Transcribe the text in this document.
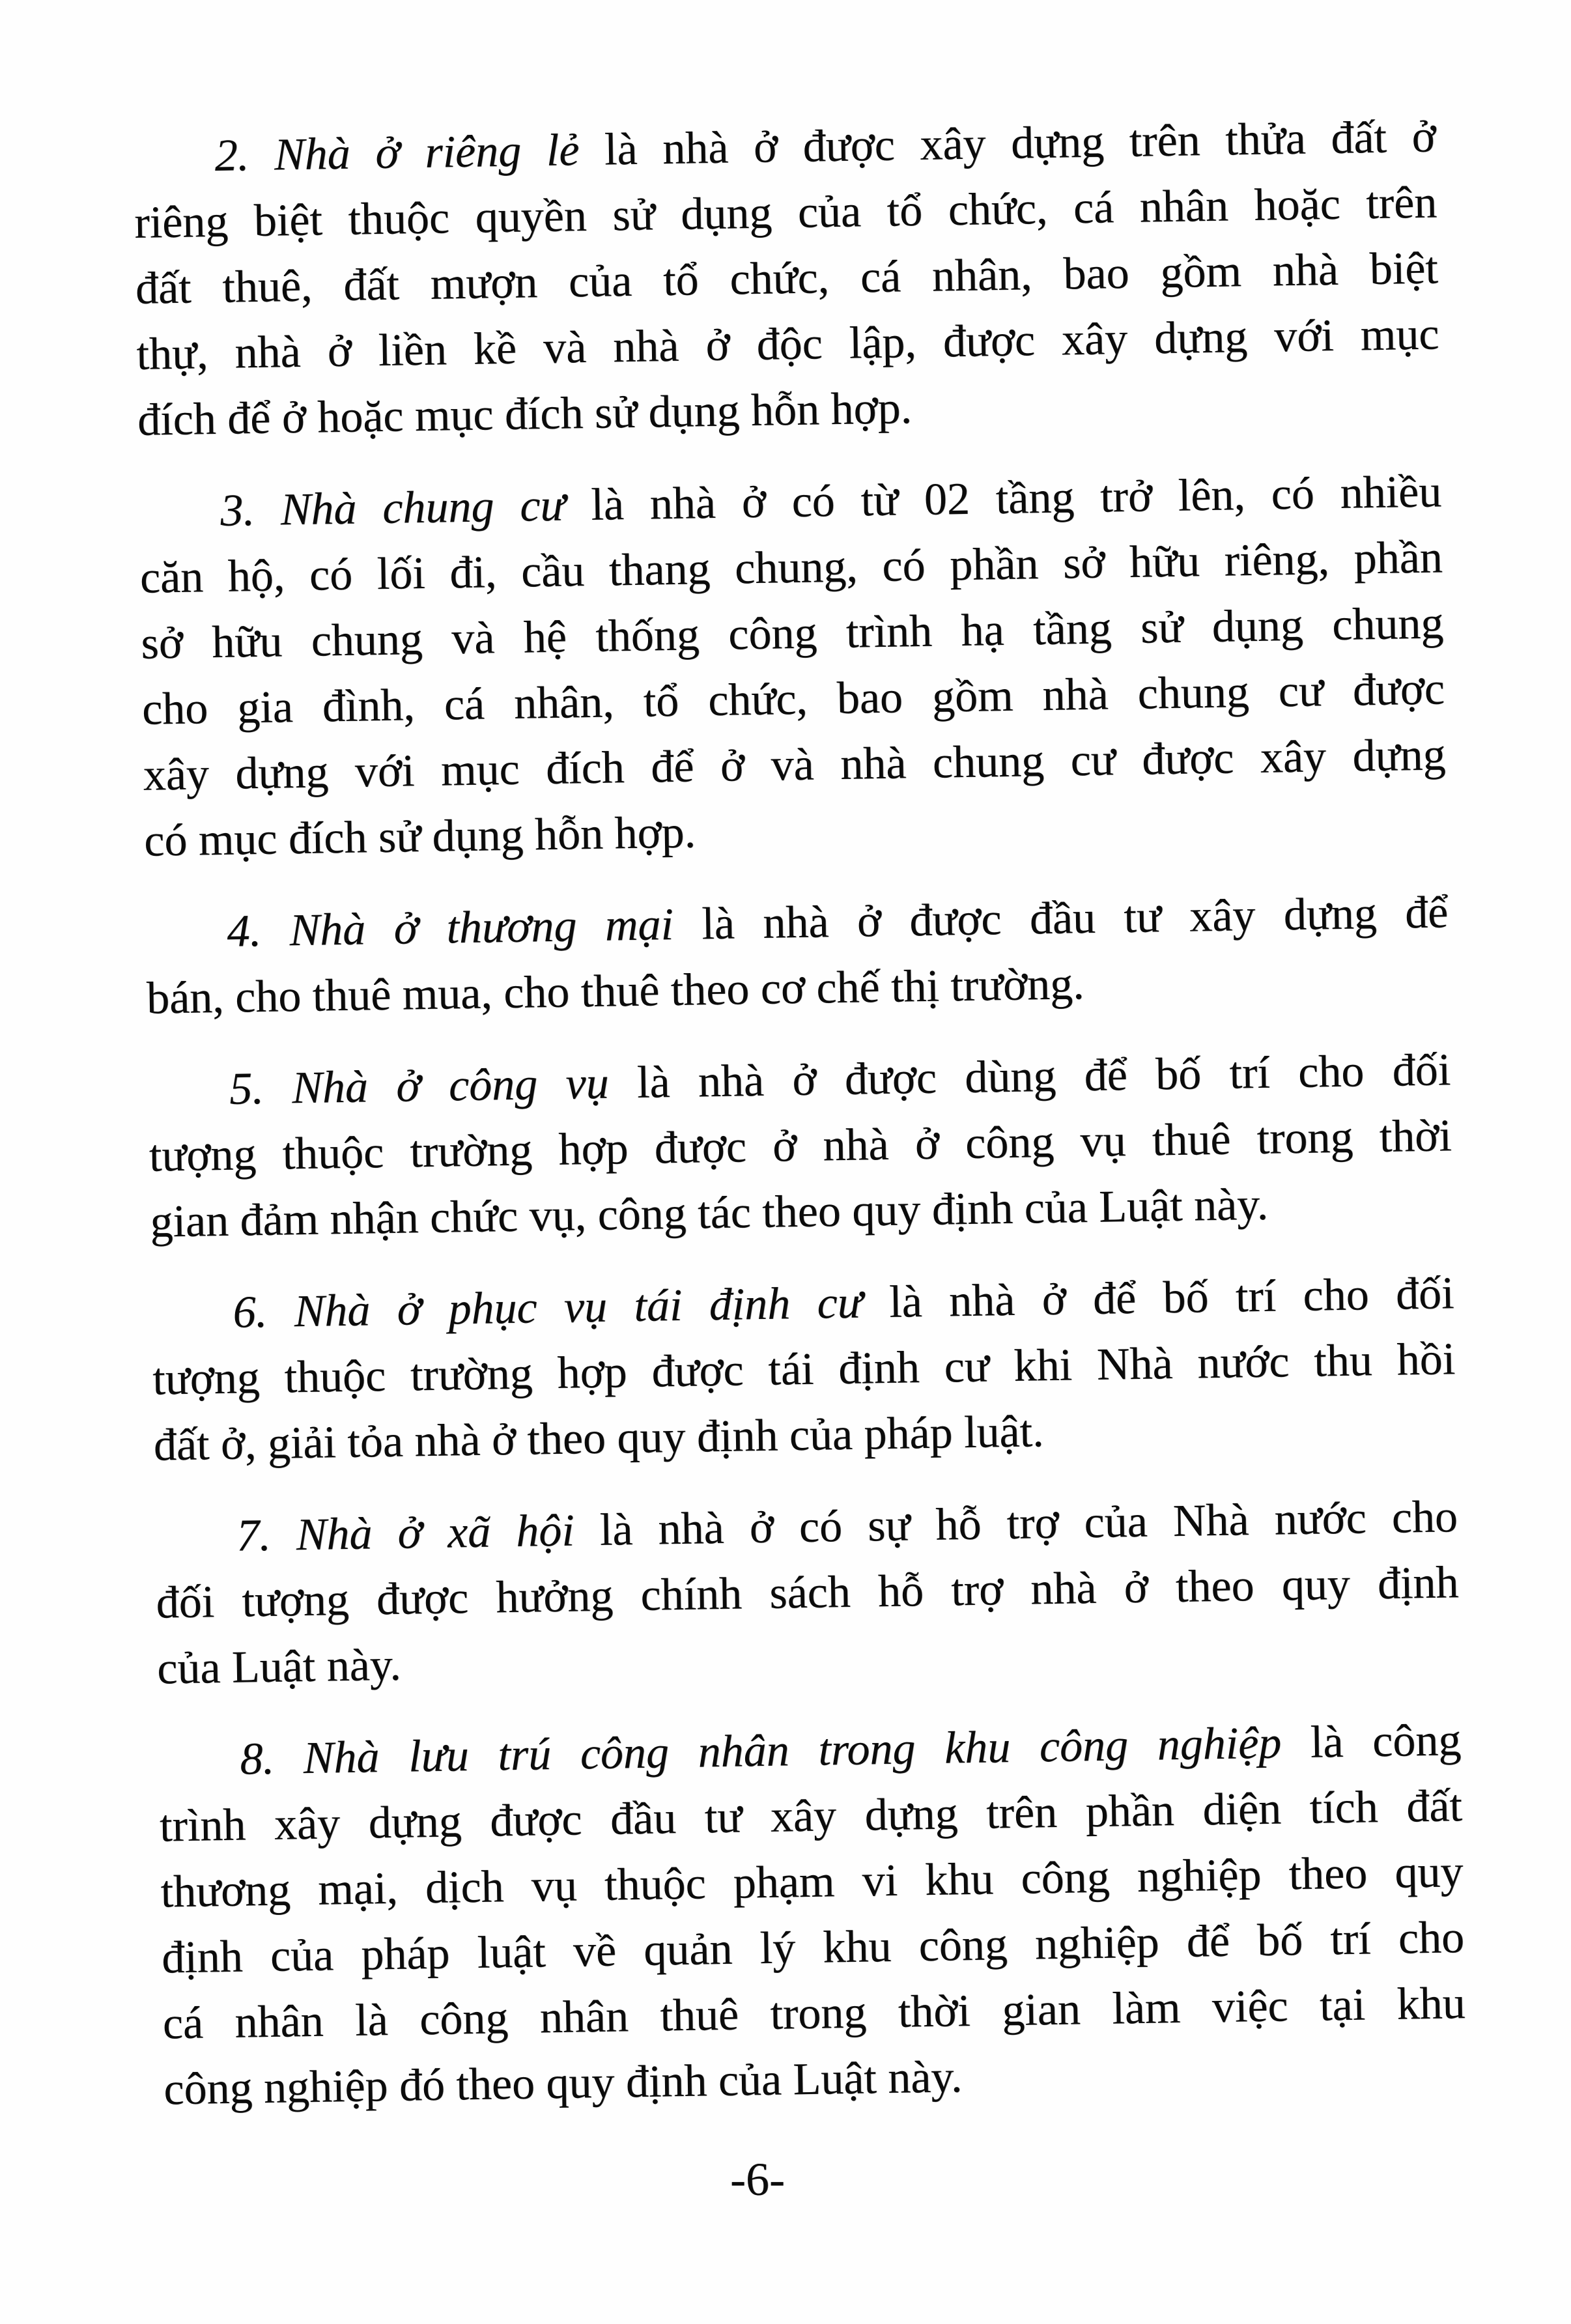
2. Nhà ở riêng lẻ là nhà ở được xây dựng trên thửa đất ở
riêng biệt thuộc quyền sử dụng của tổ chức, cá nhân hoặc trên
đất thuê, đất mượn của tổ chức, cá nhân, bao gồm nhà biệt
thự, nhà ở liền kề và nhà ở độc lập, được xây dựng với mục
đích để ở hoặc mục đích sử dụng hỗn hợp.

3. Nhà chung cư là nhà ở có từ 02 tầng trở lên, có nhiều
căn hộ, có lối đi, cầu thang chung, có phần sở hữu riêng, phần
sở hữu chung và hệ thống công trình hạ tầng sử dụng chung
cho gia đình, cá nhân, tổ chức, bao gồm nhà chung cư được
xây dựng với mục đích để ở và nhà chung cư được xây dựng
có mục đích sử dụng hỗn hợp.

4. Nhà ở thương mại là nhà ở được đầu tư xây dựng để
bán, cho thuê mua, cho thuê theo cơ chế thị trường.

5. Nhà ở công vụ là nhà ở được dùng để bố trí cho đối
tượng thuộc trường hợp được ở nhà ở công vụ thuê trong thời
gian đảm nhận chức vụ, công tác theo quy định của Luật này.

6. Nhà ở phục vụ tái định cư là nhà ở để bố trí cho đối
tượng thuộc trường hợp được tái định cư khi Nhà nước thu hồi
đất ở, giải tỏa nhà ở theo quy định của pháp luật.

7. Nhà ở xã hội là nhà ở có sự hỗ trợ của Nhà nước cho
đối tượng được hưởng chính sách hỗ trợ nhà ở theo quy định
của Luật này.

8. Nhà lưu trú công nhân trong khu công nghiệp là công
trình xây dựng được đầu tư xây dựng trên phần diện tích đất
thương mại, dịch vụ thuộc phạm vi khu công nghiệp theo quy
định của pháp luật về quản lý khu công nghiệp để bố trí cho
cá nhân là công nhân thuê trong thời gian làm việc tại khu
công nghiệp đó theo quy định của Luật này.

-6-
